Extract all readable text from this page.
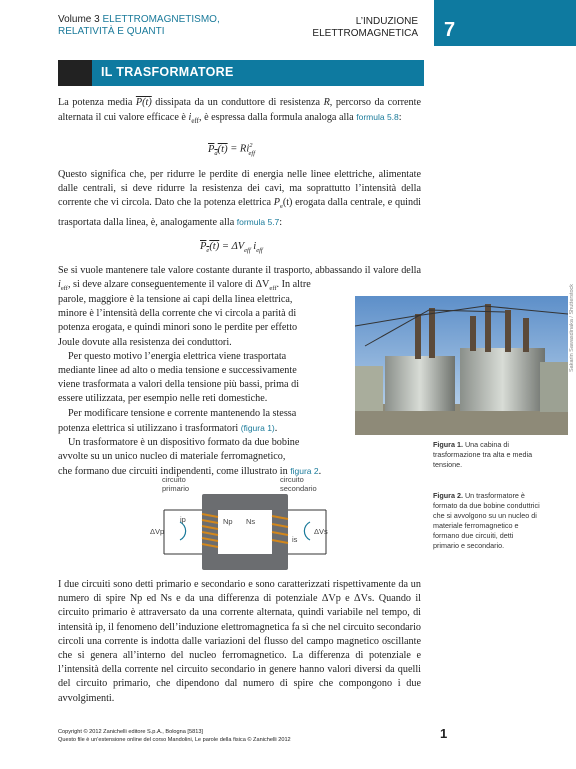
Volume 3 ELETTROMAGNETISMO,
RELATIVITÀ E QUANTI
L’INDUZIONE
ELETTROMAGNETICA 7
IL TRASFORMATORE
La potenza media P(t) dissipata da un conduttore di resistenza R, percorso da corrente alternata il cui valore efficace è $i_{eff}$, è espressa dalla formula analoga alla formula 5.8:
$P_d(t) = Ri^2_{eff}$
Questo significa che, per ridurre le perdite di energia nelle linee elettriche, alimentate dalle centrali, si deve ridurre la resistenza dei cavi, ma soprattutto l’intensità della corrente che vi circola. Dato che la potenza elettrica $P_e(t)$ erogata dalla centrale, e quindi trasportata dalla linea, è, analogamente alla formula 5.7:
$P_e(t) = \Delta V_{eff}$ $i_{eff}$
Se si vuole mantenere tale valore costante durante il trasporto, abbassando il valore della $i_{eff}$, si deve alzare conseguentemente il valore di $\Delta V_{eff}$. In altre
parole, maggiore è la tensione ai capi della linea elettrica,
minore è l’intensità della corrente che vi circola a parità di
potenza erogata, e quindi minori sono le perdite per effetto
Joule dovute alla resistenza dei conduttori.
Per questo motivo l’energia elettrica viene trasportata
mediante linee ad alto o media tensione e successivamente
viene trasformata a valori della tensione più bassi, prima di
essere utilizzata, per esempio nelle reti domestiche.
Per modificare tensione e corrente mantenendo la stessa
potenza elettrica si utilizzano i trasformatori (figura 1).
Un trasformatore è un dispositivo formato da due bobine
avvolte su un unico nucleo di materiale ferromagnetico,
che formano due circuiti indipendenti, come illustrato in figura 2.
Sakarin Sawasdinaka / Shutterstock
Figura 1. Una cabina di trasformazione tra alta e media tensione.
circuito
primario
circuito
secondario
ΔVp	ΔVs
ip
is
Np Ns
Figura 2. Un trasformatore è formato da due bobine conduttrici che si avvolgono su un nucleo di materiale ferromagnetico e formano due circuiti, detti primario e secondario.
I due circuiti sono detti primario e secondario e sono caratterizzati rispettivamente da un numero di spire Np ed Ns e da una differenza di potenziale ΔVp e ΔVs. Quando il circuito primario è attraversato da una corrente alternata, quindi variabile nel tempo, di intensità ip, il fenomeno dell’induzione elettromagnetica fa sì che nel circuito secondario circoli una corrente is indotta dalle variazioni del flusso del campo magnetico oscillante che si genera all’interno del nucleo ferromagnetico. La differenza di potenziale e l’intensità della corrente nel circuito secondario in genere hanno valori diversi da quelli del circuito primario, che dipendono dal numero di spire che compongono i due avvolgimenti.
Copyright © 2012 Zanichelli editore S.p.A., Bologna [5813]
Questo file è un’estensione online del corso Mandolini, Le parole della fisica © Zanichelli 2012	1
